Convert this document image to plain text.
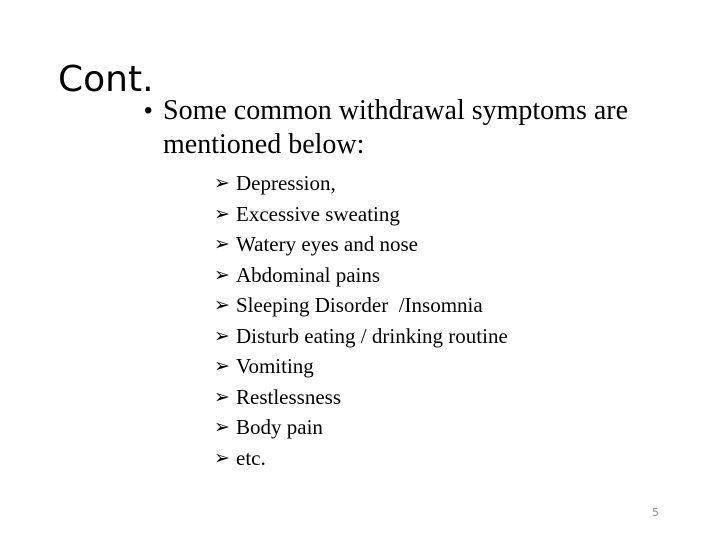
Cont.
• Some common withdrawal symptoms are mentioned below:
➢ Depression,
➢ Excessive sweating
➢ Watery eyes and nose
➢ Abdominal pains
➢ Sleeping Disorder  /Insomnia
➢ Disturb eating / drinking routine
➢ Vomiting
➢ Restlessness
➢ Body pain
➢ etc.
5
